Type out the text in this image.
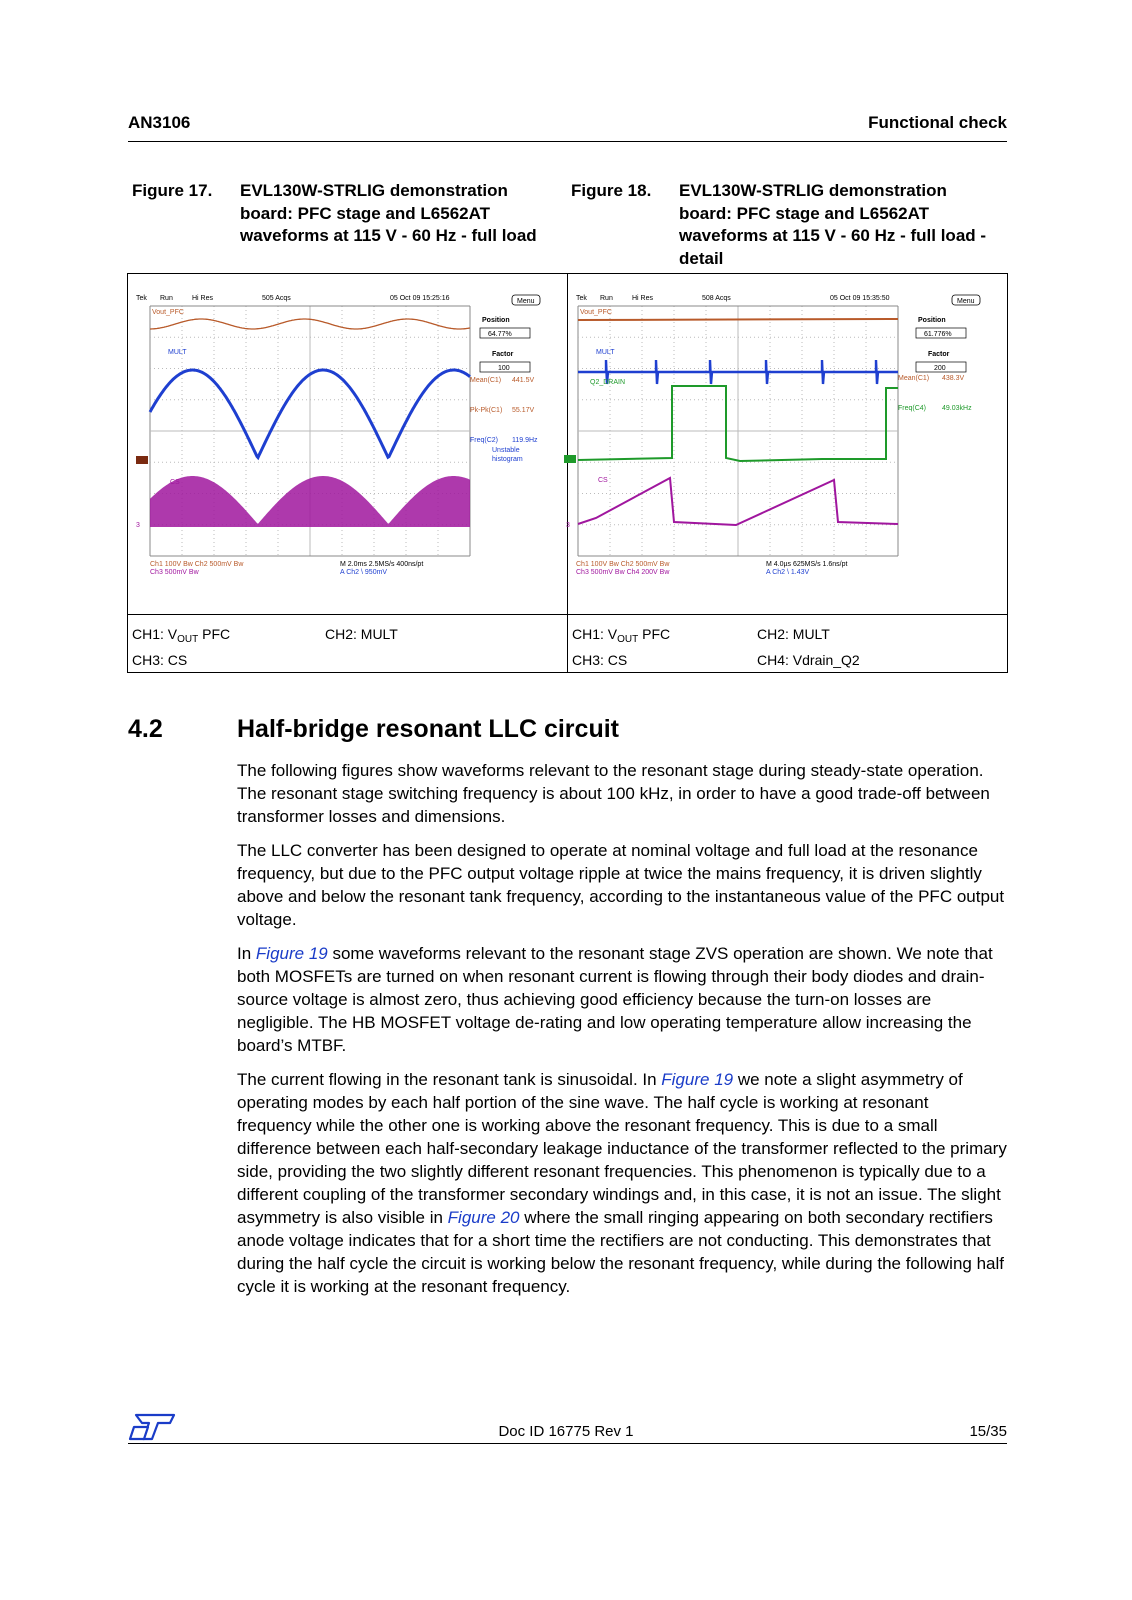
AN3106	Functional check
Figure 17. EVL130W-STRLIG demonstration board: PFC stage and L6562AT waveforms at 115 V - 60 Hz - full load
Figure 18. EVL130W-STRLIG demonstration board: PFC stage and L6562AT waveforms at 115 V - 60 Hz - full load - detail
Tek Run	Hi Res	505 Acqs	05 Oct 09 15:25:16	Menu
Position
64.77%
Factor
100
Vout_PFC
MULT
CS
3
Mean(C1) 441.5V
Pk-Pk(C1) 55.17V
Freq(C2) 119.9Hz
Unstable
histogram
Ch1 100V Bw Ch2 500mV Bw
Ch3 500mV Bw
M 2.0ms 2.5MS/s 400ns/pt
A Ch2 \ 950mV
Tek Run	Hi Res	508 Acqs	05 Oct 09 15:35:50	Menu
Position
61.776%
Factor
200
Vout_PFC
MULT
Q2_DRAIN
CS
3
Mean(C1) 438.3V
Freq(C4) 49.03kHz
Ch1 100V Bw Ch2 500mV Bw
Ch3 500mV Bw Ch4 200V Bw
M 4.0µs 625MS/s 1.6ns/pt
A Ch2 \ 1.43V
CH1: $V_{OUT}$ PFC	CH2: MULT
CH3: CS
CH1: $V_{OUT}$ PFC	CH2: MULT
CH3: CS	CH4: Vdrain_Q2
4.2	Half-bridge resonant LLC circuit

The following figures show waveforms relevant to the resonant stage during steady-state operation. The resonant stage switching frequency is about 100 kHz, in order to have a good trade-off between transformer losses and dimensions.

The LLC converter has been designed to operate at nominal voltage and full load at the resonance frequency, but due to the PFC output voltage ripple at twice the mains frequency, it is driven slightly above and below the resonant tank frequency, according to the instantaneous value of the PFC output voltage.

In Figure 19 some waveforms relevant to the resonant stage ZVS operation are shown. We note that both MOSFETs are turned on when resonant current is flowing through their body diodes and drain-source voltage is almost zero, thus achieving good efficiency because the turn-on losses are negligible. The HB MOSFET voltage de-rating and low operating temperature allow increasing the board’s MTBF.

The current flowing in the resonant tank is sinusoidal. In Figure 19 we note a slight asymmetry of operating modes by each half portion of the sine wave. The half cycle is working at resonant frequency while the other one is working above the resonant frequency. This is due to a small difference between each half-secondary leakage inductance of the transformer reflected to the primary side, providing the two slightly different resonant frequencies. This phenomenon is typically due to a different coupling of the transformer secondary windings and, in this case, it is not an issue. The slight asymmetry is also visible in Figure 20 where the small ringing appearing on both secondary rectifiers anode voltage indicates that for a short time the rectifiers are not conducting. This demonstrates that during the half cycle the circuit is working below the resonant frequency, while during the following half cycle it is working at the resonant frequency.

Doc ID 16775 Rev 1	15/35
